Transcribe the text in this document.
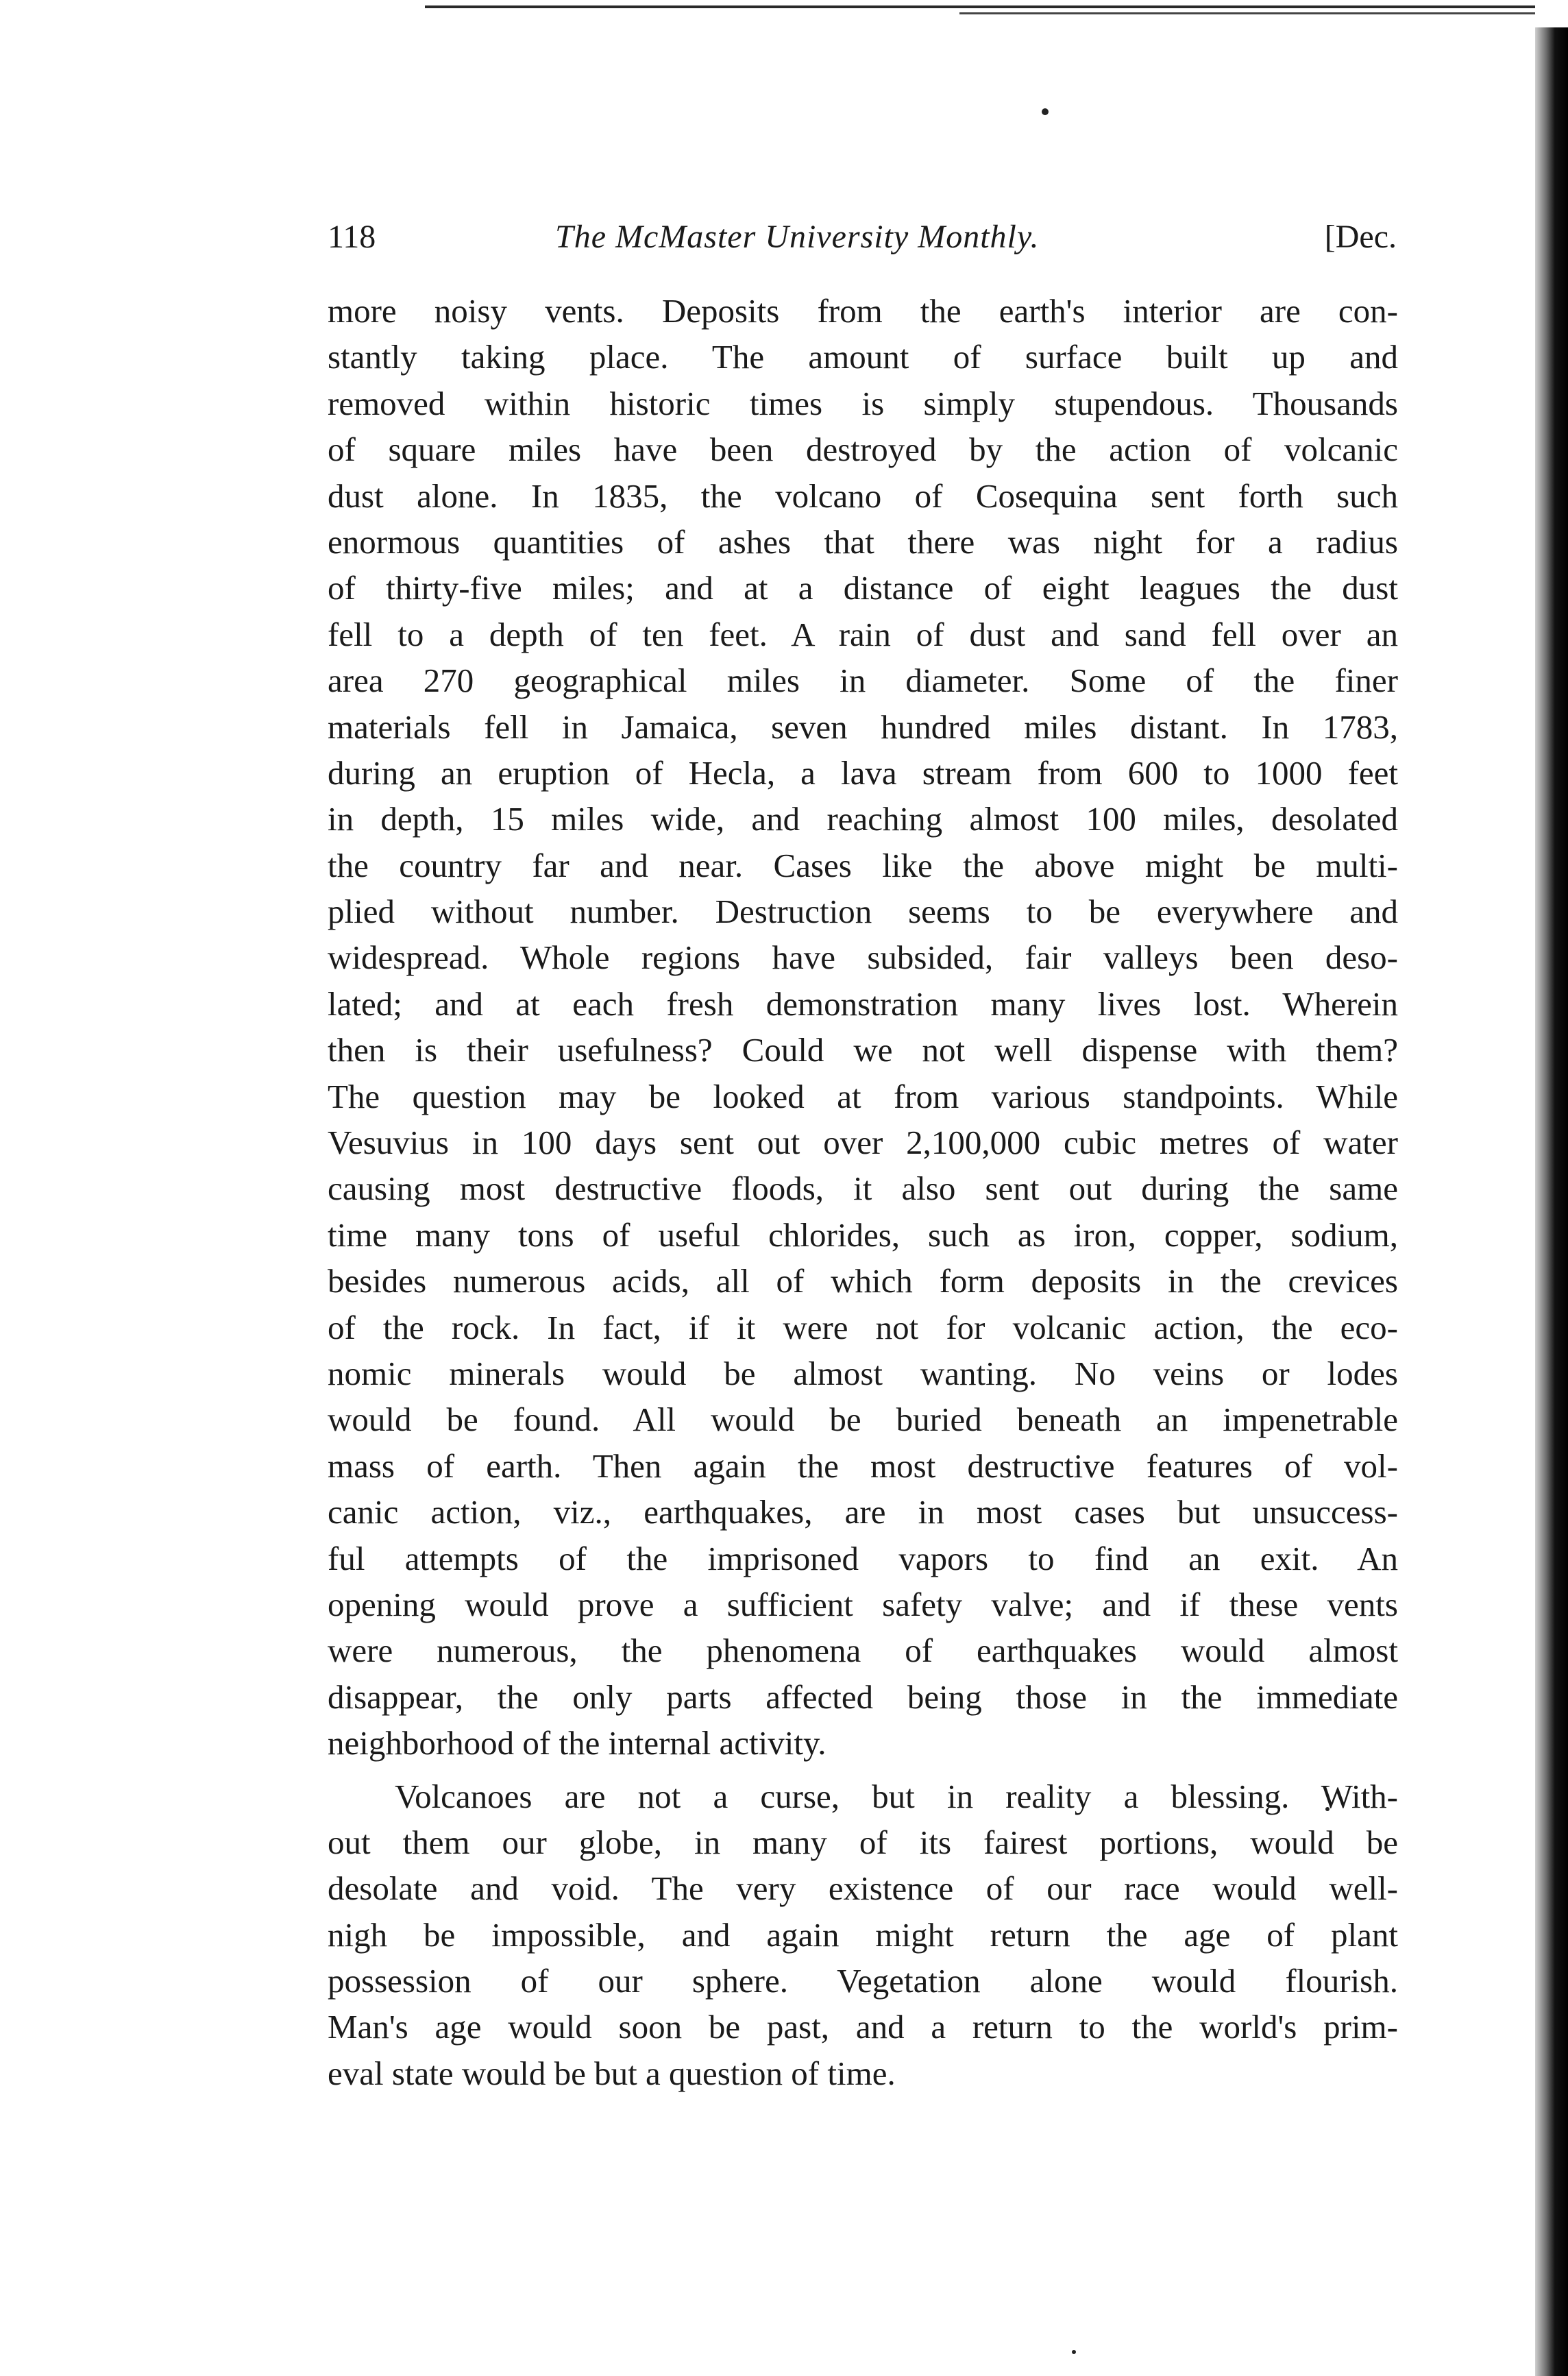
118	The McMaster University Monthly.	[Dec.
more noisy vents. Deposits from the earth's interior are con-
stantly taking place. The amount of surface built up and
removed within historic times is simply stupendous. Thousands
of square miles have been destroyed by the action of volcanic
dust alone. In 1835, the volcano of Cosequina sent forth such
enormous quantities of ashes that there was night for a radius
of thirty-five miles; and at a distance of eight leagues the dust
fell to a depth of ten feet. A rain of dust and sand fell over an
area 270 geographical miles in diameter. Some of the finer
materials fell in Jamaica, seven hundred miles distant. In 1783,
during an eruption of Hecla, a lava stream from 600 to 1000 feet
in depth, 15 miles wide, and reaching almost 100 miles, desolated
the country far and near. Cases like the above might be multi-
plied without number. Destruction seems to be everywhere and
widespread. Whole regions have subsided, fair valleys been deso-
lated; and at each fresh demonstration many lives lost. Wherein
then is their usefulness? Could we not well dispense with them?
The question may be looked at from various standpoints. While
Vesuvius in 100 days sent out over 2,100,000 cubic metres of water
causing most destructive floods, it also sent out during the same
time many tons of useful chlorides, such as iron, copper, sodium,
besides numerous acids, all of which form deposits in the crevices
of the rock. In fact, if it were not for volcanic action, the eco-
nomic minerals would be almost wanting. No veins or lodes
would be found. All would be buried beneath an impenetrable
mass of earth. Then again the most destructive features of vol-
canic action, viz., earthquakes, are in most cases but unsuccess-
ful attempts of the imprisoned vapors to find an exit. An
opening would prove a sufficient safety valve; and if these vents
were numerous, the phenomena of earthquakes would almost
disappear, the only parts affected being those in the immediate
neighborhood of the internal activity.
Volcanoes are not a curse, but in reality a blessing. With-
out them our globe, in many of its fairest portions, would be
desolate and void. The very existence of our race would well-
nigh be impossible, and again might return the age of plant
possession of our sphere. Vegetation alone would flourish.
Man's age would soon be past, and a return to the world's prim-
eval state would be but a question of time.
